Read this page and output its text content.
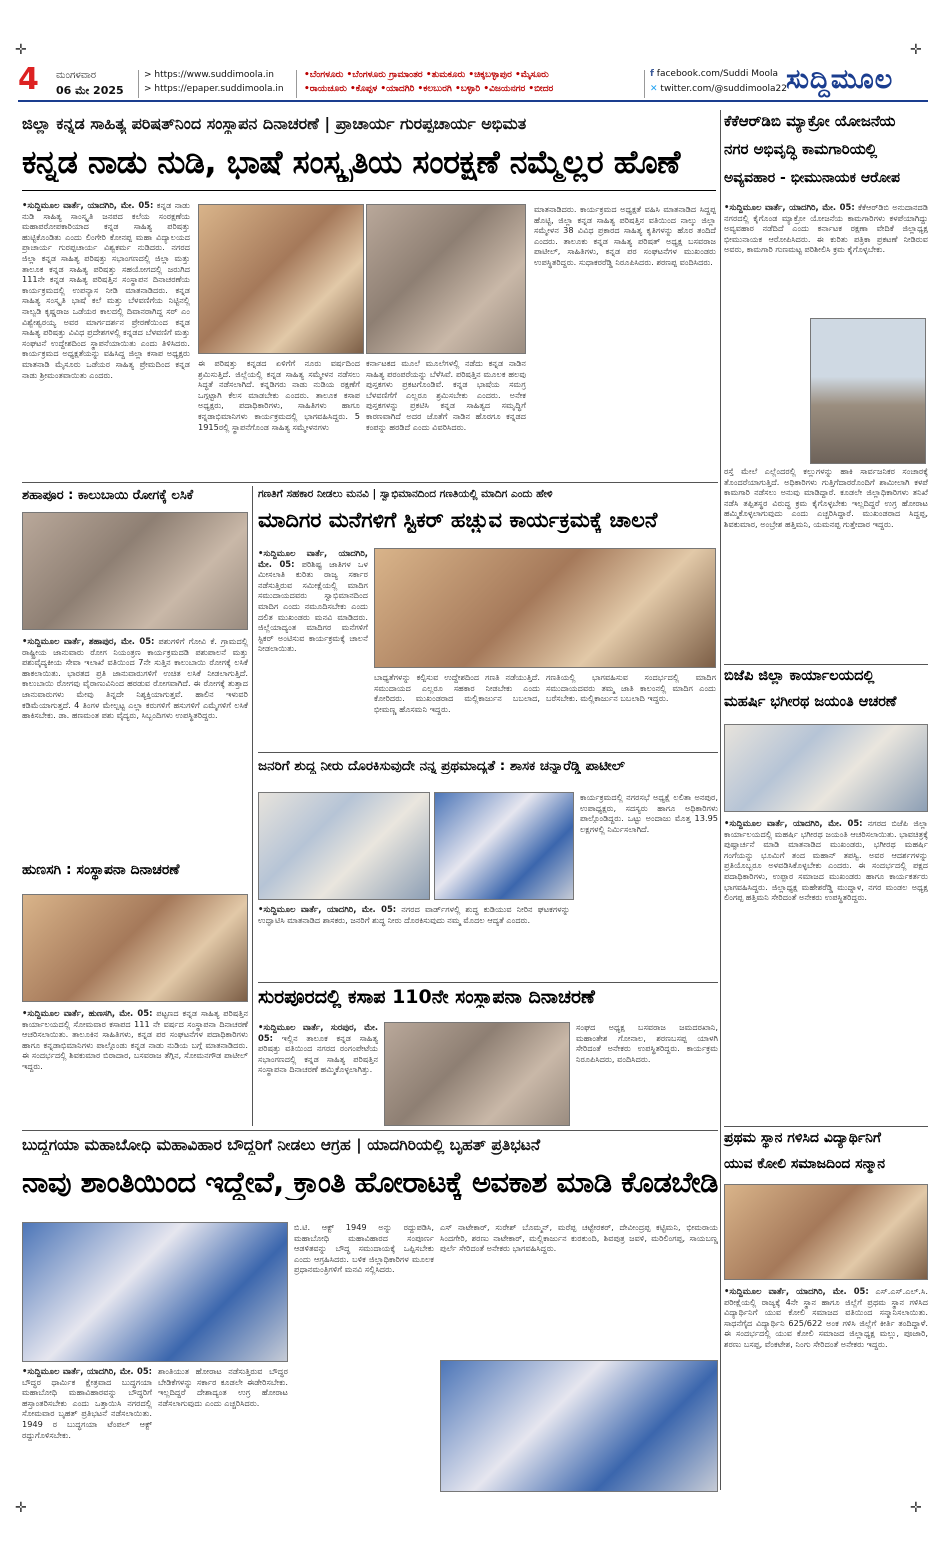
4 ಮಂಗಳವಾರ
06 ಮೇ 2025
> https://www.suddimoola.in
> https://epaper.suddimoola.in
•ಬೆಂಗಳೂರು •ಬೆಂಗಳೂರು ಗ್ರಾಮಾಂತರ •ತುಮಕೂರು •ಚಿಕ್ಕಬಳ್ಳಾಪುರ •ಮೈಸೂರು
•ರಾಯಚೂರು •ಕೊಪ್ಪಳ •ಯಾದಗಿರಿ •ಕಲಬುರಗಿ •ಬಳ್ಳಾರಿ •ವಿಜಯನಗರ •ಬೀದರ
f facebook.com/Suddi Moola
✕ twitter.com/@suddimoola22 ಸುದ್ದಿಮೂಲ
✛	✛
✛	✛
ಜಿಲ್ಲಾ ಕನ್ನಡ ಸಾಹಿತ್ಯ ಪರಿಷತ್‌ನಿಂದ ಸಂಸ್ಥಾಪನ ದಿನಾಚರಣೆ | ಪ್ರಾಚಾರ್ಯ ಗುರಪ್ಪಚಾರ್ಯ ಅಭಿಮತ
ಕನ್ನಡ ನಾಡು ನುಡಿ, ಭಾಷೆ ಸಂಸ್ಕೃತಿಯ ಸಂರಕ್ಷಣೆ ನಮ್ಮೆಲ್ಲರ ಹೊಣೆ
•ಸುದ್ದಿಮೂಲ ವಾರ್ತೆ, ಯಾದಗಿರಿ, ಮೇ. 05: ಕನ್ನಡ ನಾಡು ನುಡಿ ಸಾಹಿತ್ಯ ಸಾಂಸ್ಕೃತಿ ಜನಪದ ಕಲೆಯ ಸಂರಕ್ಷಣೆಯ ಮಹಾಪರೋಪಕಾರಿಯಾದ ಕನ್ನಡ ಸಾಹಿತ್ಯ ಪರಿಷತ್ತು ಹುಟ್ಟಿಕೊಂಡಿತು ಎಂದು ಲಿಂಗೇರಿ ಕೋನಪ್ಪ ಮಹಾ ವಿದ್ಯಾಲಯದ ಪ್ರಾಚಾರ್ಯ ಗುರಪ್ಪಚಾರ್ಯ ವಿಶ್ವಕರ್ಮ ನುಡಿದರು. ನಗರದ ಜಿಲ್ಲಾ ಕನ್ನಡ ಸಾಹಿತ್ಯ ಪರಿಷತ್ತು ಸಭಾಂಗಣದಲ್ಲಿ ಜಿಲ್ಲಾ ಮತ್ತು ತಾಲೂಕ ಕನ್ನಡ ಸಾಹಿತ್ಯ ಪರಿಷತ್ತು ಸಹಯೋಗದಲ್ಲಿ ಜರುಗಿದ 111ನೇ ಕನ್ನಡ ಸಾಹಿತ್ಯ ಪರಿಷತ್ತಿನ ಸಂಸ್ಥಾಪನ ದಿನಾಚರಣೆಯ ಕಾರ್ಯಕ್ರಮದಲ್ಲಿ ಉಪನ್ಯಾಸ ನೀಡಿ ಮಾತನಾಡಿದರು. ಕನ್ನಡ ಸಾಹಿತ್ಯ ಸಂಸ್ಕೃತಿ ಭಾಷೆ ಕಲೆ ಮತ್ತು ಬೆಳವಣಿಗೆಯ ನಿಟ್ಟಿನಲ್ಲಿ ನಾಲ್ವಡಿ ಕೃಷ್ಣರಾಜ ಒಡೆಯರ ಕಾಲದಲ್ಲಿ ದಿವಾನರಾಗಿದ್ದ ಸರ್ ಎಂ ವಿಶ್ವೇಶ್ವರಯ್ಯ ಅವರ ಮಾರ್ಗದರ್ಶನ ಪ್ರೇರಣೆಯಿಂದ ಕನ್ನಡ ಸಾಹಿತ್ಯ ಪರಿಷತ್ತು ವಿವಿಧ ಪ್ರದೇಶಗಳಲ್ಲಿ ಕನ್ನಡದ ಬೆಳವಣಿಗೆ ಮತ್ತು ಸಂಘಟನೆ ಉದ್ದೇಶದಿಂದ ಸ್ಥಾಪನೆಯಾಯಿತು ಎಂದು ತಿಳಿಸಿದರು. ಕಾರ್ಯಕ್ರಮದ ಅಧ್ಯಕ್ಷತೆಯನ್ನು ವಹಿಸಿದ್ದ ಜಿಲ್ಲಾ ಕಸಾಪ ಅಧ್ಯಕ್ಷರು ಮಾತನಾಡಿ ಮೈಸೂರು ಒಡೆಯರ ಸಾಹಿತ್ಯ ಪ್ರೇಮದಿಂದ ಕನ್ನಡ ನಾಡು ಶ್ರೀಮಂತವಾಯಿತು ಎಂದರು.
ಈ ಪರಿಷತ್ತು ಕನ್ನಡದ ಏಳಿಗೆಗೆ ನೂರು ವರ್ಷದಿಂದ ಶ್ರಮಿಸುತ್ತಿದೆ. ಜಿಲ್ಲೆಯಲ್ಲಿ ಕನ್ನಡ ಸಾಹಿತ್ಯ ಸಮ್ಮೇಳನ ನಡೆಸಲು ಸಿದ್ಧತೆ ನಡೆಸಲಾಗಿದೆ. ಕನ್ನಡಿಗರು ನಾಡು ನುಡಿಯ ರಕ್ಷಣೆಗೆ ಒಗ್ಗಟ್ಟಾಗಿ ಕೆಲಸ ಮಾಡಬೇಕು ಎಂದರು. ತಾಲೂಕ ಕಸಾಪ ಅಧ್ಯಕ್ಷರು, ಪದಾಧಿಕಾರಿಗಳು, ಸಾಹಿತಿಗಳು ಹಾಗೂ ಕನ್ನಡಾಭಿಮಾನಿಗಳು ಕಾರ್ಯಕ್ರಮದಲ್ಲಿ ಭಾಗವಹಿಸಿದ್ದರು. 5 1915ರಲ್ಲಿ ಸ್ಥಾಪನೆಗೊಂಡ ಸಾಹಿತ್ಯ ಸಮ್ಮೇಳನಗಳು
ಕರ್ನಾಟಕದ ಮೂಲೆ ಮೂಲೆಗಳಲ್ಲಿ ನಡೆದು ಕನ್ನಡ ನಾಡಿನ ಸಾಹಿತ್ಯ ಪರಂಪರೆಯನ್ನು ಬೆಳೆಸಿವೆ. ಪರಿಷತ್ತಿನ ಮೂಲಕ ಹಲವು ಪುಸ್ತಕಗಳು ಪ್ರಕಟಗೊಂಡಿವೆ. ಕನ್ನಡ ಭಾಷೆಯ ಸಮಗ್ರ ಬೆಳವಣಿಗೆಗೆ ಎಲ್ಲರೂ ಶ್ರಮಿಸಬೇಕು ಎಂದರು. ಅನೇಕ ಪುಸ್ತಕಗಳನ್ನು ಪ್ರಕಟಿಸಿ ಕನ್ನಡ ಸಾಹಿತ್ಯದ ಸಮೃದ್ಧಿಗೆ ಕಾರಣವಾಗಿದೆ ಅದರ ಜೊತೆಗೆ ನಾಡಿನ ಹೊರಗೂ ಕನ್ನಡದ ಕಂಪನ್ನು ಹರಡಿದೆ ಎಂದು ವಿವರಿಸಿದರು.
ಮಾತನಾಡಿದರು. ಕಾರ್ಯಕ್ರಮದ ಅಧ್ಯಕ್ಷತೆ ವಹಿಸಿ ಮಾತನಾಡಿದ ಸಿದ್ದಪ್ಪ ಹೊಟ್ಟಿ, ಜಿಲ್ಲಾ ಕನ್ನಡ ಸಾಹಿತ್ಯ ಪರಿಷತ್ತಿನ ವತಿಯಿಂದ ನಾಲ್ಕು ಜಿಲ್ಲಾ ಸಮ್ಮೇಳನ 38 ವಿವಿಧ ಪ್ರಕಾರದ ಸಾಹಿತ್ಯ ಕೃತಿಗಳನ್ನು ಹೊರ ತಂದಿದೆ ಎಂದರು. ತಾಲೂಕು ಕನ್ನಡ ಸಾಹಿತ್ಯ ಪರಿಷತ್ ಅಧ್ಯಕ್ಷ ಬಸವರಾಜ ಪಾಟೀಲ್, ಸಾಹಿತಿಗಳು, ಕನ್ನಡ ಪರ ಸಂಘಟನೆಗಳ ಮುಖಂಡರು ಉಪಸ್ಥಿತರಿದ್ದರು. ಸುಧಾಕರರೆಡ್ಡಿ ನಿರೂಪಿಸಿದರು. ಶರಣಪ್ಪ ವಂದಿಸಿದರು.
ಕೆಕೆಆರ್‌ಡಿಬಿ ಮ್ಯಾಕ್ರೋ ಯೋಜನೆಯ
ನಗರ ಅಭಿವೃದ್ಧಿ ಕಾಮಗಾರಿಯಲ್ಲಿ
ಅವ್ಯವಹಾರ - ಭೀಮುನಾಯಕ ಆರೋಪ
•ಸುದ್ದಿಮೂಲ ವಾರ್ತೆ, ಯಾದಗಿರಿ, ಮೇ. 05: ಕೆಕೆಆರ್‌ಡಿಬಿ ಅನುದಾನದಡಿ ನಗರದಲ್ಲಿ ಕೈಗೊಂಡ ಮ್ಯಾಕ್ರೋ ಯೋಜನೆಯ ಕಾಮಗಾರಿಗಳು ಕಳಪೆಯಾಗಿದ್ದು ಅವ್ಯವಹಾರ ನಡೆದಿದೆ ಎಂದು ಕರ್ನಾಟಕ ರಕ್ಷಣಾ ವೇದಿಕೆ ಜಿಲ್ಲಾಧ್ಯಕ್ಷ ಭೀಮುನಾಯಕ ಆರೋಪಿಸಿದರು. ಈ ಕುರಿತು ಪತ್ರಿಕಾ ಪ್ರಕಟಣೆ ನೀಡಿರುವ ಅವರು, ಕಾಮಗಾರಿ ಗುಣಮಟ್ಟ ಪರಿಶೀಲಿಸಿ ಕ್ರಮ ಕೈಗೊಳ್ಳಬೇಕು.
ರಸ್ತೆ ಮೇಲೆ ಎಲ್ಲೆಂದರಲ್ಲಿ ಕಲ್ಲುಗಳನ್ನು ಹಾಕಿ ಸಾರ್ವಜನಿಕರ ಸಂಚಾರಕ್ಕೆ ತೊಂದರೆಯಾಗುತ್ತಿದೆ. ಅಧಿಕಾರಿಗಳು ಗುತ್ತಿಗೆದಾರರೊಂದಿಗೆ ಶಾಮೀಲಾಗಿ ಕಳಪೆ ಕಾಮಗಾರಿ ನಡೆಸಲು ಅನುವು ಮಾಡಿದ್ದಾರೆ. ಕೂಡಲೇ ಜಿಲ್ಲಾಧಿಕಾರಿಗಳು ತನಿಖೆ ನಡೆಸಿ ತಪ್ಪಿತಸ್ಥರ ವಿರುದ್ಧ ಕ್ರಮ ಕೈಗೊಳ್ಳಬೇಕು ಇಲ್ಲದಿದ್ದರೆ ಉಗ್ರ ಹೋರಾಟ ಹಮ್ಮಿಕೊಳ್ಳಲಾಗುವುದು ಎಂದು ಎಚ್ಚರಿಸಿದ್ದಾರೆ. ಮುಖಂಡರಾದ ಸಿದ್ದಪ್ಪ, ಶಿವಕುಮಾರ, ಅಂಬ್ರೇಶ ಹತ್ತಿಮನಿ, ಯಮನಪ್ಪ ಗುತ್ತೇದಾರ ಇದ್ದರು.
ಶಹಾಪೂರ : ಕಾಲುಬಾಯಿ ರೋಗಕ್ಕೆ ಲಸಿಕೆ
•ಸುದ್ದಿಮೂಲ ವಾರ್ತೆ, ಶಹಾಪುರ, ಮೇ. 05: ಪಶುಗಳಿಗೆ ಗೋವಿ ಕೆ. ಗ್ರಾಮದಲ್ಲಿ ರಾಷ್ಟ್ರೀಯ ಜಾನುವಾರು ರೋಗ ನಿಯಂತ್ರಣ ಕಾರ್ಯಕ್ರಮದಡಿ ಪಶುಪಾಲನೆ ಮತ್ತು ಪಶುವೈದ್ಯಕೀಯ ಸೇವಾ ಇಲಾಖೆ ವತಿಯಿಂದ 7ನೇ ಸುತ್ತಿನ ಕಾಲುಬಾಯಿ ರೋಗಕ್ಕೆ ಲಸಿಕೆ ಹಾಕಲಾಯಿತು. ಭಾರತದ ಪ್ರತಿ ಜಾನುವಾರುಗಳಿಗೆ ಉಚಿತ ಲಸಿಕೆ ನೀಡಲಾಗುತ್ತಿದೆ. ಕಾಲುಬಾಯಿ ರೋಗವು ವೈರಾಣುವಿನಿಂದ ಹರಡುವ ರೋಗವಾಗಿದೆ. ಈ ರೋಗಕ್ಕೆ ತುತ್ತಾದ ಜಾನುವಾರುಗಳು ಮೇವು ತಿನ್ನದೇ ನಿಶ್ಯಕ್ತಿಯಾಗುತ್ತವೆ. ಹಾಲಿನ ಇಳುವರಿ ಕಡಿಮೆಯಾಗುತ್ತದೆ. 4 ತಿಂಗಳ ಮೇಲ್ಪಟ್ಟ ಎಲ್ಲಾ ಕರುಗಳಿಗೆ ಹಸುಗಳಿಗೆ ಎಮ್ಮೆಗಳಿಗೆ ಲಸಿಕೆ ಹಾಕಿಸಬೇಕು. ಡಾ. ಹಣಮಂತ ಪಶು ವೈದ್ಯರು, ಸಿಬ್ಬಂದಿಗಳು ಉಪಸ್ಥಿತರಿದ್ದರು.
ಹುಣಸಗಿ : ಸಂಸ್ಥಾಪನಾ ದಿನಾಚರಣೆ
•ಸುದ್ದಿಮೂಲ ವಾರ್ತೆ, ಹುಣಸಗಿ, ಮೇ. 05: ಪಟ್ಟಣದ ಕನ್ನಡ ಸಾಹಿತ್ಯ ಪರಿಷತ್ತಿನ ಕಾರ್ಯಾಲಯದಲ್ಲಿ ಸೋಮವಾರ ಕಸಾಪದ 111 ನೇ ವರ್ಷದ ಸಂಸ್ಥಾಪನಾ ದಿನಾಚರಣೆ ಆಚರಿಸಲಾಯಿತು. ತಾಲೂಕಿನ ಸಾಹಿತಿಗಳು, ಕನ್ನಡ ಪರ ಸಂಘಟನೆಗಳ ಪದಾಧಿಕಾರಿಗಳು ಹಾಗೂ ಕನ್ನಡಾಭಿಮಾನಿಗಳು ಪಾಲ್ಗೊಂಡು ಕನ್ನಡ ನಾಡು ನುಡಿಯ ಬಗ್ಗೆ ಮಾತನಾಡಿದರು. ಈ ಸಂದರ್ಭದಲ್ಲಿ ಶಿವಕುಮಾರ ಬಿರಾದಾರ, ಬಸವರಾಜ ತೆಗ್ಗಿನ, ಸೋಮನಗೌಡ ಪಾಟೀಲ್ ಇದ್ದರು.
ಗಣತಿಗೆ ಸಹಕಾರ ನೀಡಲು ಮನವಿ | ಸ್ವಾಭಿಮಾನದಿಂದ ಗಣತಿಯಲ್ಲಿ ಮಾದಿಗ ಎಂದು ಹೇಳಿ
ಮಾದಿಗರ ಮನೆಗಳಿಗೆ ಸ್ಟಿಕರ್ ಹಚ್ಚುವ ಕಾರ್ಯಕ್ರಮಕ್ಕೆ ಚಾಲನೆ
•ಸುದ್ದಿಮೂಲ ವಾರ್ತೆ, ಯಾದಗಿರಿ, ಮೇ. 05: ಪರಿಶಿಷ್ಟ ಜಾತಿಗಳ ಒಳ ಮೀಸಲಾತಿ ಕುರಿತು ರಾಜ್ಯ ಸರ್ಕಾರ ನಡೆಸುತ್ತಿರುವ ಸಮೀಕ್ಷೆಯಲ್ಲಿ ಮಾದಿಗ ಸಮುದಾಯದವರು ಸ್ವಾಭಿಮಾನದಿಂದ ಮಾದಿಗ ಎಂದು ನಮೂದಿಸಬೇಕು ಎಂದು ದಲಿತ ಮುಖಂಡರು ಮನವಿ ಮಾಡಿದರು. ಜಿಲ್ಲೆಯಾದ್ಯಂತ ಮಾದಿಗರ ಮನೆಗಳಿಗೆ ಸ್ಟಿಕರ್ ಅಂಟಿಸುವ ಕಾರ್ಯಕ್ರಮಕ್ಕೆ ಚಾಲನೆ ನೀಡಲಾಯಿತು.
ಬಾಧ್ಯತೆಗಳನ್ನು ಕಲ್ಪಿಸುವ ಉದ್ದೇಶದಿಂದ ಗಣತಿ ನಡೆಯುತ್ತಿದೆ. ಸಮುದಾಯದ ಎಲ್ಲರೂ ಸಹಕಾರ ನೀಡಬೇಕು ಎಂದು ಕೋರಿದರು. ಮುಖಂಡರಾದ ಮಲ್ಲಿಕಾರ್ಜುನ ಬಬಲಾದ, ಭೀಮಣ್ಣ ಹೊಸಮನಿ ಇದ್ದರು.
ಗಣತಿಯಲ್ಲಿ ಭಾಗವಹಿಸುವ ಸಂದರ್ಭದಲ್ಲಿ ಮಾದಿಗ ಸಮುದಾಯದವರು ತಮ್ಮ ಜಾತಿ ಕಾಲಂನಲ್ಲಿ ಮಾದಿಗ ಎಂದು ಬರೆಸಬೇಕು. ಮಲ್ಲಿಕಾರ್ಜುನ ಬಬಲಾದಿ ಇದ್ದರು.
ಜನರಿಗೆ ಶುದ್ಧ ನೀರು ದೊರಕಿಸುವುದೇ ನನ್ನ ಪ್ರಥಮಾದ್ಯತೆ : ಶಾಸಕ ಚನ್ನಾರೆಡ್ಡಿ ಪಾಟೀಲ್
•ಸುದ್ದಿಮೂಲ ವಾರ್ತೆ, ಯಾದಗಿರಿ, ಮೇ. 05: ನಗರದ ವಾರ್ಡ್‌ಗಳಲ್ಲಿ ಶುದ್ಧ ಕುಡಿಯುವ ನೀರಿನ ಘಟಕಗಳನ್ನು ಉದ್ಘಾಟಿಸಿ ಮಾತನಾಡಿದ ಶಾಸಕರು, ಜನರಿಗೆ ಶುದ್ಧ ನೀರು ದೊರಕಿಸುವುದು ನಮ್ಮ ಮೊದಲ ಆದ್ಯತೆ ಎಂದರು.
ಕಾರ್ಯಕ್ರಮದಲ್ಲಿ ನಗರಸಭೆ ಅಧ್ಯಕ್ಷೆ ಲಲಿತಾ ಅನಪುರ, ಉಪಾಧ್ಯಕ್ಷರು, ಸದಸ್ಯರು ಹಾಗೂ ಅಧಿಕಾರಿಗಳು ಪಾಲ್ಗೊಂಡಿದ್ದರು. ಒಟ್ಟು ಅಂದಾಜು ಮೊತ್ತ 13.95 ಲಕ್ಷಗಳಲ್ಲಿ ನಿರ್ಮಿಸಲಾಗಿದೆ.
ಸುರಪೂರದಲ್ಲಿ ಕಸಾಪ 110ನೇ ಸಂಸ್ಥಾಪನಾ ದಿನಾಚರಣೆ
•ಸುದ್ದಿಮೂಲ ವಾರ್ತೆ, ಸುರಪುರ, ಮೇ. 05: ಇಲ್ಲಿನ ತಾಲೂಕ ಕನ್ನಡ ಸಾಹಿತ್ಯ ಪರಿಷತ್ತು ವತಿಯಿಂದ ನಗರದ ರಂಗಂಪೇಟೆಯ ಸಭಾಂಗಣದಲ್ಲಿ ಕನ್ನಡ ಸಾಹಿತ್ಯ ಪರಿಷತ್ತಿನ ಸಂಸ್ಥಾಪನಾ ದಿನಾಚರಣೆ ಹಮ್ಮಿಕೊಳ್ಳಲಾಗಿತ್ತು.
ಸಂಘದ ಅಧ್ಯಕ್ಷ ಬಸವರಾಜ ಜಮದರಖಾನಿ, ಮಹಾಂತೇಶ ಗೋನಾಲ, ಶರಣಬಸಪ್ಪ ಯಾಳಗಿ ಸೇರಿದಂತೆ ಅನೇಕರು ಉಪಸ್ಥಿತರಿದ್ದರು. ಕಾರ್ಯಕ್ರಮ ನಿರೂಪಿಸಿದರು, ವಂದಿಸಿದರು.
ಬಿಜೆಪಿ ಜಿಲ್ಲಾ ಕಾರ್ಯಾಲಯದಲ್ಲಿ
ಮಹರ್ಷಿ ಭಗೀರಥ ಜಯಂತಿ ಆಚರಣೆ
•ಸುದ್ದಿಮೂಲ ವಾರ್ತೆ, ಯಾದಗಿರಿ, ಮೇ. 05: ನಗರದ ಬಿಜೆಪಿ ಜಿಲ್ಲಾ ಕಾರ್ಯಾಲಯದಲ್ಲಿ ಮಹರ್ಷಿ ಭಗೀರಥ ಜಯಂತಿ ಆಚರಿಸಲಾಯಿತು. ಭಾವಚಿತ್ರಕ್ಕೆ ಪುಷ್ಪಾರ್ಚನೆ ಮಾಡಿ ಮಾತನಾಡಿದ ಮುಖಂಡರು, ಭಗೀರಥ ಮಹರ್ಷಿ ಗಂಗೆಯನ್ನು ಭೂಮಿಗೆ ತಂದ ಮಹಾನ್ ತಪಸ್ವಿ. ಅವರ ಆದರ್ಶಗಳನ್ನು ಪ್ರತಿಯೊಬ್ಬರೂ ಅಳವಡಿಸಿಕೊಳ್ಳಬೇಕು ಎಂದರು. ಈ ಸಂದರ್ಭದಲ್ಲಿ ಪಕ್ಷದ ಪದಾಧಿಕಾರಿಗಳು, ಉಪ್ಪಾರ ಸಮಾಜದ ಮುಖಂಡರು ಹಾಗೂ ಕಾರ್ಯಕರ್ತರು ಭಾಗವಹಿಸಿದ್ದರು. ಜಿಲ್ಲಾಧ್ಯಕ್ಷ ಮಹೇಶರೆಡ್ಡಿ ಮುದ್ನಾಳ, ನಗರ ಮಂಡಲ ಅಧ್ಯಕ್ಷ ಲಿಂಗಪ್ಪ ಹತ್ತಿಮನಿ ಸೇರಿದಂತೆ ಅನೇಕರು ಉಪಸ್ಥಿತರಿದ್ದರು.
ಪ್ರಥಮ ಸ್ಥಾನ ಗಳಿಸಿದ ವಿದ್ಯಾರ್ಥಿನಿಗೆ
ಯುವ ಕೋಲಿ ಸಮಾಜದಿಂದ ಸನ್ಮಾನ
•ಸುದ್ದಿಮೂಲ ವಾರ್ತೆ, ಯಾದಗಿರಿ, ಮೇ. 05: ಎಸ್.ಎಸ್.ಎಲ್.ಸಿ. ಪರೀಕ್ಷೆಯಲ್ಲಿ ರಾಜ್ಯಕ್ಕೆ 4ನೇ ಸ್ಥಾನ ಹಾಗೂ ಜಿಲ್ಲೆಗೆ ಪ್ರಥಮ ಸ್ಥಾನ ಗಳಿಸಿದ ವಿದ್ಯಾರ್ಥಿನಿಗೆ ಯುವ ಕೋಲಿ ಸಮಾಜದ ವತಿಯಿಂದ ಸನ್ಮಾನಿಸಲಾಯಿತು. ಸಾಧನೆಗೈದ ವಿದ್ಯಾರ್ಥಿನಿ 625/622 ಅಂಕ ಗಳಿಸಿ ಜಿಲ್ಲೆಗೆ ಕೀರ್ತಿ ತಂದಿದ್ದಾಳೆ. ಈ ಸಂದರ್ಭದಲ್ಲಿ ಯುವ ಕೋಲಿ ಸಮಾಜದ ಜಿಲ್ಲಾಧ್ಯಕ್ಷ ಮಲ್ಲು, ಪೂಜಾರಿ, ಶರಣು ಬಸಪ್ಪ, ವೆಂಕಟೇಶ, ನಿಂಗು ಸೇರಿದಂತೆ ಅನೇಕರು ಇದ್ದರು.
ಬುದ್ಧಗಯಾ ಮಹಾಬೋಧಿ ಮಹಾವಿಹಾರ ಬೌದ್ಧರಿಗೆ ನೀಡಲು ಆಗ್ರಹ | ಯಾದಗಿರಿಯಲ್ಲಿ ಬೃಹತ್ ಪ್ರತಿಭಟನೆ
ನಾವು ಶಾಂತಿಯಿಂದ ಇದ್ದೇವೆ, ಕ್ರಾಂತಿ ಹೋರಾಟಕ್ಕೆ ಅವಕಾಶ ಮಾಡಿ ಕೊಡಬೇಡಿ
•ಸುದ್ದಿಮೂಲ ವಾರ್ತೆ, ಯಾದಗಿರಿ, ಮೇ. 05: ಬೌದ್ಧರ ಧಾರ್ಮಿಕ ಕ್ಷೇತ್ರವಾದ ಬುದ್ಧಗಯಾ ಮಹಾಬೋಧಿ ಮಹಾವಿಹಾರವನ್ನು ಬೌದ್ಧರಿಗೆ ಹಸ್ತಾಂತರಿಸಬೇಕು ಎಂದು ಒತ್ತಾಯಿಸಿ ನಗರದಲ್ಲಿ ಸೋಮವಾರ ಬೃಹತ್ ಪ್ರತಿಭಟನೆ ನಡೆಸಲಾಯಿತು. 1949 ರ ಬುದ್ಧಗಯಾ ಟೆಂಪಲ್ ಆಕ್ಟ್ ರದ್ದುಗೊಳಿಸಬೇಕು.
ಶಾಂತಿಯುತ ಹೋರಾಟ ನಡೆಸುತ್ತಿರುವ ಬೌದ್ಧರ ಬೇಡಿಕೆಗಳನ್ನು ಸರ್ಕಾರ ಕೂಡಲೇ ಈಡೇರಿಸಬೇಕು. ಇಲ್ಲದಿದ್ದರೆ ದೇಶಾದ್ಯಂತ ಉಗ್ರ ಹೋರಾಟ ನಡೆಸಲಾಗುವುದು ಎಂದು ಎಚ್ಚರಿಸಿದರು.
ಬಿ.ಟಿ. ಆಕ್ಟ್ 1949 ಅನ್ನು ರದ್ದುಪಡಿಸಿ, ಮಹಾಬೋಧಿ ಮಹಾವಿಹಾರದ ಸಂಪೂರ್ಣ ಆಡಳಿತವನ್ನು ಬೌದ್ಧ ಸಮುದಾಯಕ್ಕೆ ಒಪ್ಪಿಸಬೇಕು ಎಂದು ಆಗ್ರಹಿಸಿದರು. ಬಳಿಕ ಜಿಲ್ಲಾಧಿಕಾರಿಗಳ ಮೂಲಕ ಪ್ರಧಾನಮಂತ್ರಿಗಳಿಗೆ ಮನವಿ ಸಲ್ಲಿಸಿದರು.
ಎಸ್ ನಾಟೇಕಾರ್, ಸುರೇಶ್ ಬೊಮ್ಮನ್, ಮರೆಪ್ಪ ಚಟ್ಟೇರಕರ್, ದೇವೀಂದ್ರಪ್ಪ ಕಟ್ಟಿಮನಿ, ಭೀಮರಾಯ ಸಿಂದಗೇರಿ, ಶರಣು ನಾಟೇಕಾರ್, ಮಲ್ಲಿಕಾರ್ಜುನ ಕುರಕುಂದಿ, ಶಿವಪುತ್ರ ಜವಳಿ, ಮರಿಲಿಂಗಪ್ಪ, ಸಾಯಬಣ್ಣ ಪುರ್ಲೆ ಸೇರಿದಂತೆ ಅನೇಕರು ಭಾಗವಹಿಸಿದ್ದರು.
